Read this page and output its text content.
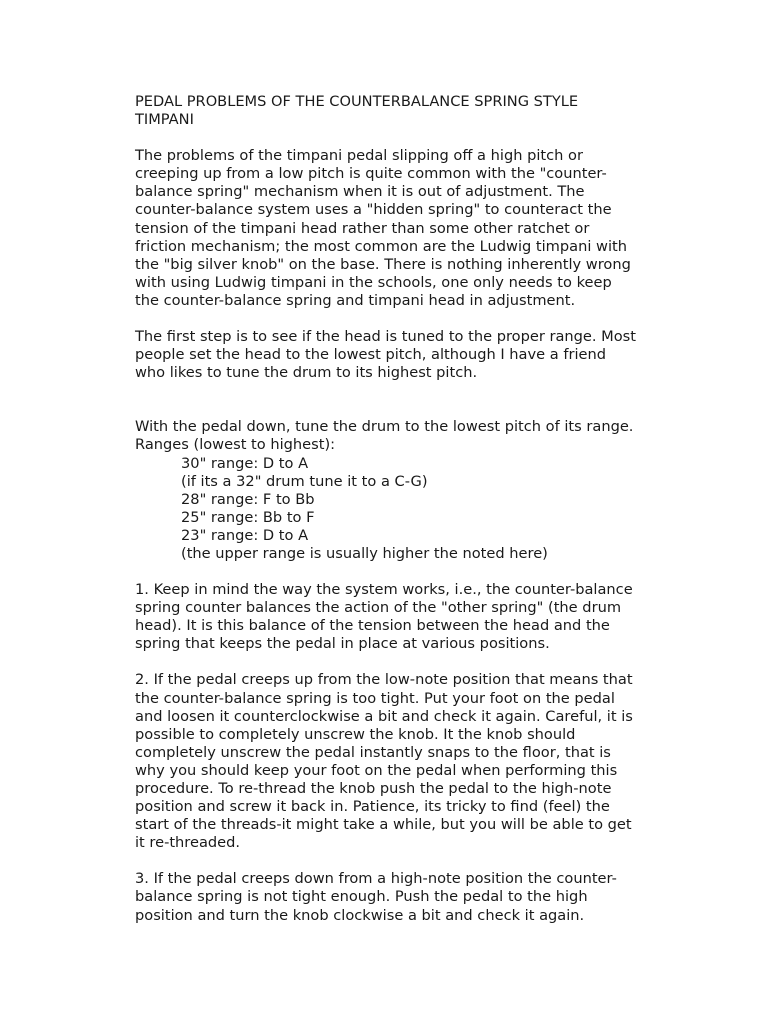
PEDAL PROBLEMS OF THE COUNTERBALANCE SPRING STYLE
TIMPANI
The problems of the timpani pedal slipping off a high pitch or
creeping up from a low pitch is quite common with the "counter-
balance spring" mechanism when it is out of adjustment. The
counter-balance system uses a "hidden spring" to counteract the
tension of the timpani head rather than some other ratchet or
friction mechanism; the most common are the Ludwig timpani with
the "big silver knob" on the base. There is nothing inherently wrong
with using Ludwig timpani in the schools, one only needs to keep
the counter-balance spring and timpani head in adjustment.
The first step is to see if the head is tuned to the proper range. Most
people set the head to the lowest pitch, although I have a friend
who likes to tune the drum to its highest pitch.
With the pedal down, tune the drum to the lowest pitch of its range.
Ranges (lowest to highest):
30" range: D to A
(if its a 32" drum tune it to a C-G)
28" range: F to Bb
25" range: Bb to F
23" range: D to A
(the upper range is usually higher the noted here)
1. Keep in mind the way the system works, i.e., the counter-balance
spring counter balances the action of the "other spring" (the drum
head). It is this balance of the tension between the head and the
spring that keeps the pedal in place at various positions.
2. If the pedal creeps up from the low-note position that means that
the counter-balance spring is too tight. Put your foot on the pedal
and loosen it counterclockwise a bit and check it again. Careful, it is
possible to completely unscrew the knob. It the knob should
completely unscrew the pedal instantly snaps to the floor, that is
why you should keep your foot on the pedal when performing this
procedure. To re-thread the knob push the pedal to the high-note
position and screw it back in. Patience, its tricky to find (feel) the
start of the threads-it might take a while, but you will be able to get
it re-threaded.
3. If the pedal creeps down from a high-note position the counter-
balance spring is not tight enough. Push the pedal to the high
position and turn the knob clockwise a bit and check it again.
